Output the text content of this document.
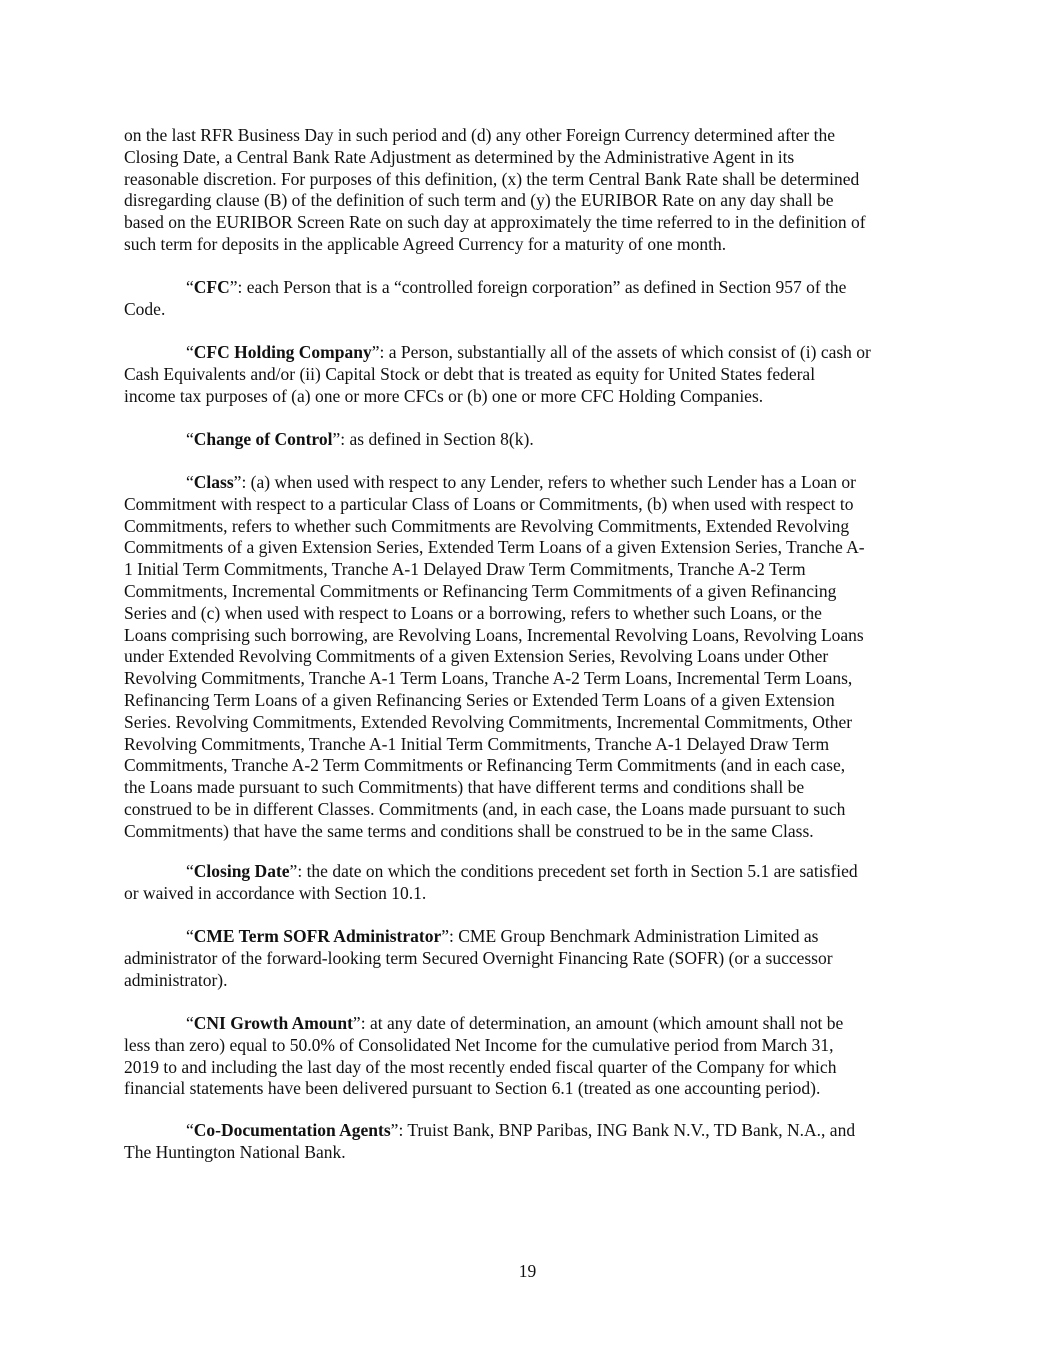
on the last RFR Business Day in such period and (d) any other Foreign Currency determined after the
Closing Date, a Central Bank Rate Adjustment as determined by the Administrative Agent in its
reasonable discretion. For purposes of this definition, (x) the term Central Bank Rate shall be determined
disregarding clause (B) of the definition of such term and (y) the EURIBOR Rate on any day shall be
based on the EURIBOR Screen Rate on such day at approximately the time referred to in the definition of
such term for deposits in the applicable Agreed Currency for a maturity of one month.
“CFC”: each Person that is a “controlled foreign corporation” as defined in Section 957 of the
Code.
“CFC Holding Company”: a Person, substantially all of the assets of which consist of (i) cash or
Cash Equivalents and/or (ii) Capital Stock or debt that is treated as equity for United States federal
income tax purposes of (a) one or more CFCs or (b) one or more CFC Holding Companies.
“Change of Control”: as defined in Section 8(k).
“Class”: (a) when used with respect to any Lender, refers to whether such Lender has a Loan or
Commitment with respect to a particular Class of Loans or Commitments, (b) when used with respect to
Commitments, refers to whether such Commitments are Revolving Commitments, Extended Revolving
Commitments of a given Extension Series, Extended Term Loans of a given Extension Series, Tranche A-
1 Initial Term Commitments, Tranche A-1 Delayed Draw Term Commitments, Tranche A-2 Term
Commitments, Incremental Commitments or Refinancing Term Commitments of a given Refinancing
Series and (c) when used with respect to Loans or a borrowing, refers to whether such Loans, or the
Loans comprising such borrowing, are Revolving Loans, Incremental Revolving Loans, Revolving Loans
under Extended Revolving Commitments of a given Extension Series, Revolving Loans under Other
Revolving Commitments, Tranche A-1 Term Loans, Tranche A-2 Term Loans, Incremental Term Loans,
Refinancing Term Loans of a given Refinancing Series or Extended Term Loans of a given Extension
Series. Revolving Commitments, Extended Revolving Commitments, Incremental Commitments, Other
Revolving Commitments, Tranche A-1 Initial Term Commitments, Tranche A-1 Delayed Draw Term
Commitments, Tranche A-2 Term Commitments or Refinancing Term Commitments (and in each case,
the Loans made pursuant to such Commitments) that have different terms and conditions shall be
construed to be in different Classes. Commitments (and, in each case, the Loans made pursuant to such
Commitments) that have the same terms and conditions shall be construed to be in the same Class.
“Closing Date”: the date on which the conditions precedent set forth in Section 5.1 are satisfied
or waived in accordance with Section 10.1.
“CME Term SOFR Administrator”: CME Group Benchmark Administration Limited as
administrator of the forward-looking term Secured Overnight Financing Rate (SOFR) (or a successor
administrator).
“CNI Growth Amount”: at any date of determination, an amount (which amount shall not be
less than zero) equal to 50.0% of Consolidated Net Income for the cumulative period from March 31,
2019 to and including the last day of the most recently ended fiscal quarter of the Company for which
financial statements have been delivered pursuant to Section 6.1 (treated as one accounting period).
“Co-Documentation Agents”: Truist Bank, BNP Paribas, ING Bank N.V., TD Bank, N.A., and
The Huntington National Bank.
19
